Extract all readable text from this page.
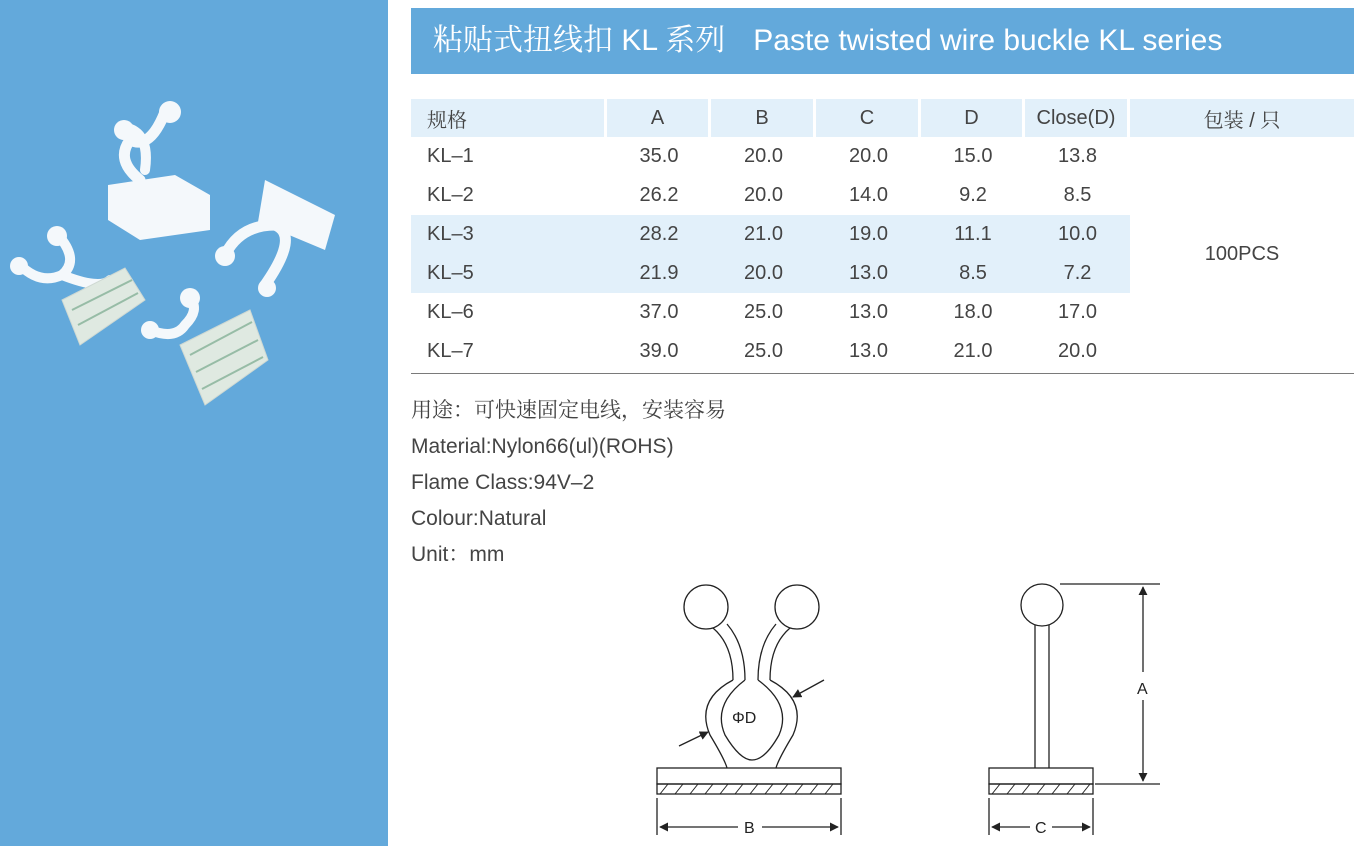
粘贴式扭线扣 KL 系列 Paste twisted wire buckle KL series
规格	A	B	C	D	Close(D)	包装 / 只
KL–1	35.0	20.0	20.0	15.0	13.8	100PCS
KL–2	26.2	20.0	14.0	9.2	8.5	
KL–3	28.2	21.0	19.0	11.1	10.0	
KL–5	21.9	20.0	13.0	8.5	7.2	
KL–6	37.0	25.0	13.0	18.0	17.0	
KL–7	39.0	25.0	13.0	21.0	20.0	
用途：可快速固定电线，安装容易
Material:Nylon66(ul)(ROHS)
Flame Class:94V–2
Colour:Natural
Unit：mm
ΦD
A
B	C
